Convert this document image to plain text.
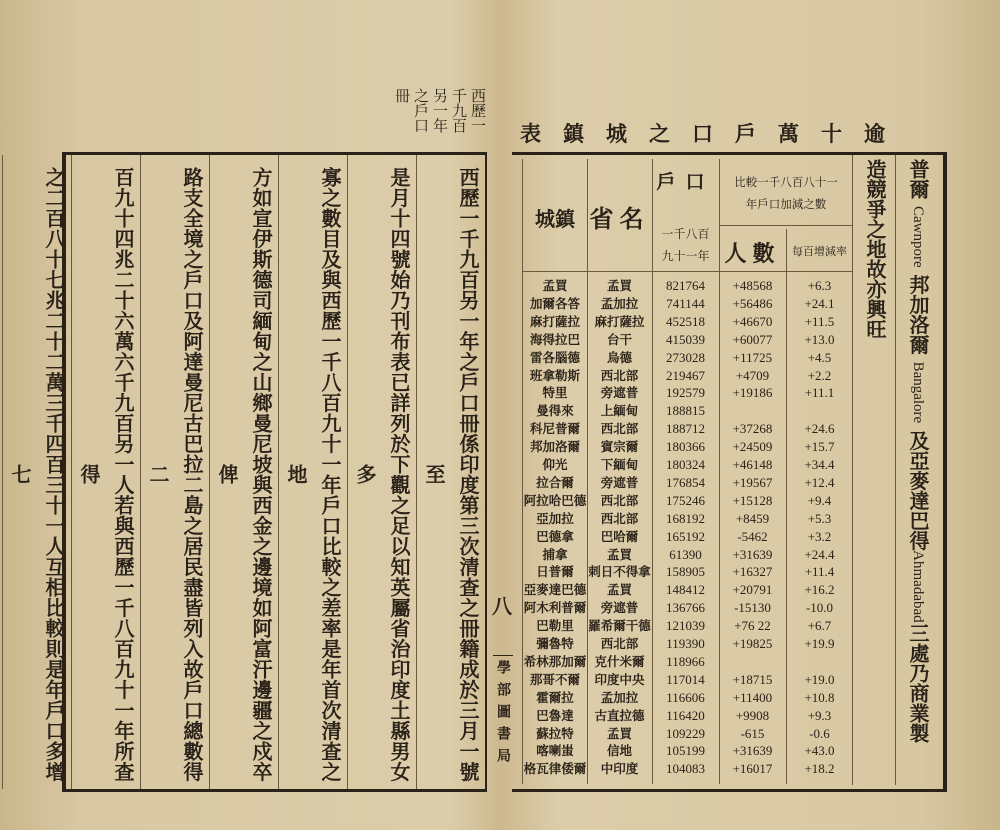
西歷一
千九百
另一年
之戶口
冊
逾十萬戶口之城鎮表
西歷一千九百另一年之戶口冊係印度第三次清查之冊籍成於三月一號至
是月十四號始乃刊布表已詳列於下觀之足以知英屬省治印度土縣男女多
寡之數目及與西歷一千八百九十一年戶口比較之差率是年首次清查之地
方如宣伊斯德司緬甸之山鄉曼尼坡與西金之邊境如阿富汗邊疆之戍卒俾
路支全境之戶口及阿達曼尼古巴拉二島之居民盡皆列入故戶口總數得二
百九十四兆二十六萬六千九百另一人若與西歷一千八百九十一年所查得
之二百八十七兆二十二萬三千四百三十一人互相比較則是年戶口多增七
八
學部圖書局
城鎮 省名
戶口
一千八百九十一年
比較一千八百八十一年戶口加減之數
人數	每百增減率
孟買	孟買	821764	+48568	+6.3
加爾各答	孟加拉	741144	+56486	+24.1
麻打薩拉	麻打薩拉	452518	+46670	+11.5
海得拉巴	台干	415039	+60077	+13.0
雷各腦德	烏德	273028	+11725	+4.5
班拿勒斯	西北部	219467	+4709	+2.2
特里	旁遮普	192579	+19186	+11.1
曼得來	上緬甸	188815
科尼普爾	西北部	188712	+37268	+24.6
邦加洛爾	賓宗爾	180366	+24509	+15.7
仰光	下緬甸	180324	+46148	+34.4
拉合爾	旁遮普	176854	+19567	+12.4
阿拉哈巴德	西北部	175246	+15128	+9.4
亞加拉	西北部	168192	+8459	+5.3
巴德拿	巴哈爾	165192	-5462	+3.2
捕拿	孟買	61390	+31639	+24.4
日普爾	刺日不得拿	158905	+16327	+11.4
亞麥達巴德	孟買	148412	+20791	+16.2
阿木利普爾	旁遮普	136766	-15130	-10.0
巴勒里	羅希爾干德	121039	+76 22	+6.7
彌魯特	西北部	119390	+19825	+19.9
希林那加爾 克什米爾	118966
那哥不爾	印度中央	117014	+18715	+19.0
霍爾拉	孟加拉	116606	+11400	+10.8
巴魯達	古直拉德	116420	+9908	+9.3
蘇拉特	孟買	109229	-615	-0.6
喀喇蚩	信地	105199	+31639	+43.0
格瓦律倭爾	中印度	104083	+16017	+18.2
普爾 Cawnpore 邦加洛爾 Bangalore 及亞麥達巴得Ahmadabad三處乃商業製
造競爭之地故亦興旺
